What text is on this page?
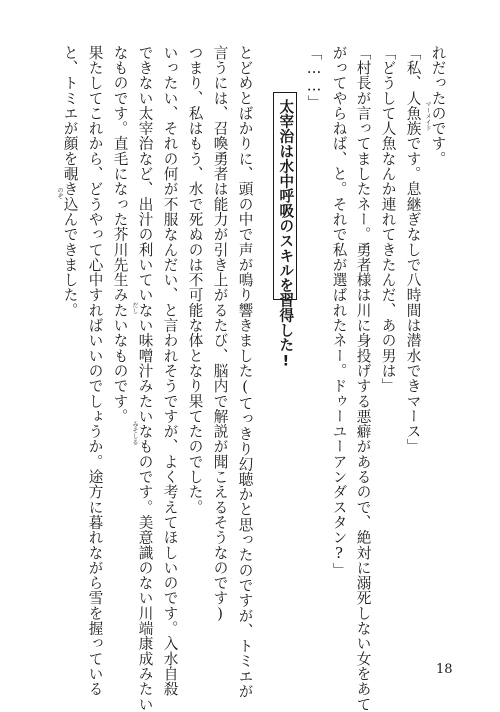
れだったのです。
「私、人魚族です。息継ぎなしで八時間は潜水できマース」
「どうして人魚なんか連れてきたんだ、あの男は」
「村長が言ってましたネー。勇者様は川に身投げする悪癖があるので、絶対に溺死しない女をあて
がってやらねば、と。それで私が選ばれたネー。ドゥーユーアンダスタン?」
「……」
太宰治は水中呼吸のスキルを習得した!
とどめとばかりに、頭の中で声が鳴り響きました(てっきり幻聴かと思ったのですが、トミエが
言うには、召喚勇者は能力が引き上がるたび、脳内で解説が聞こえるそうなのです)
つまり、私はもう、水で死ぬのは不可能な体となり果てたのでした。
いったい、それの何が不服なんだい、と言われそうですが、よく考えてほしいのです。入水自殺
できない太宰治など、出汁の利いていない味噌汁みたいなものです。美意識のない川端康成みたい
なものです。直毛になった芥川先生みたいなものです。
果たしてこれから、どうやって心中すればいいのでしょうか。途方に暮れながら雪を握っている
と、トミエが顔を覗き込んできました。	マーメイド
だし
みそしる
のぞ
18
